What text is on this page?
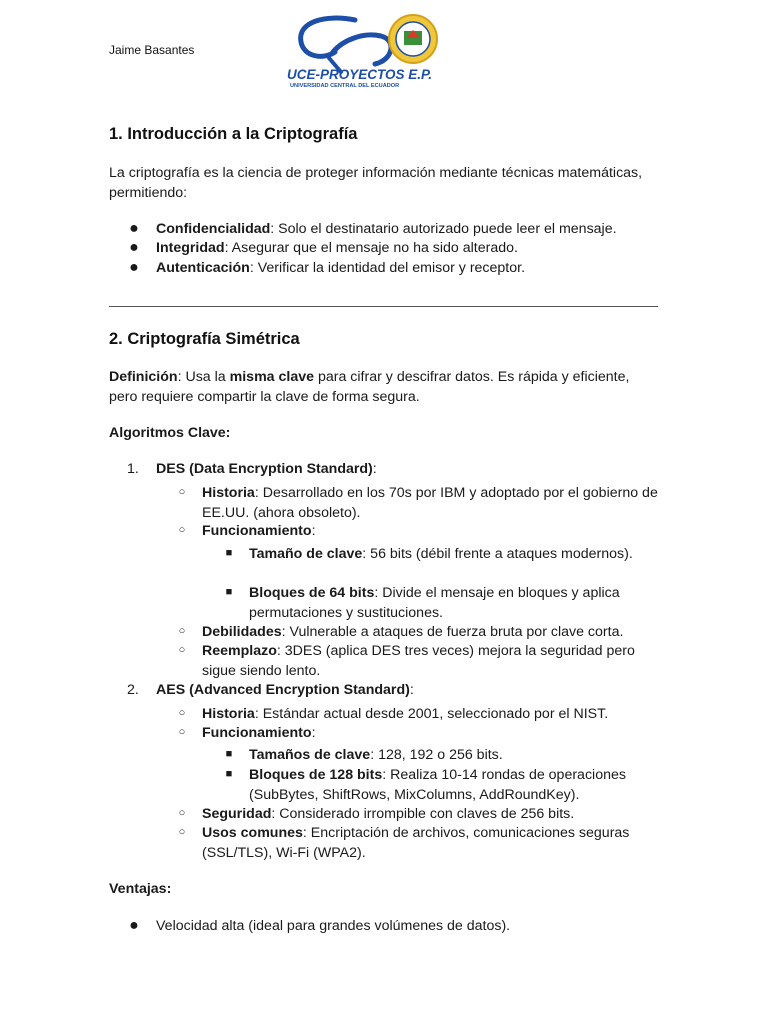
Jaime Basantes
UCE-PROYECTOS E.P.
UNIVERSIDAD CENTRAL DEL ECUADOR
1. Introducción a la Criptografía

La criptografía es la ciencia de proteger información mediante técnicas matemáticas, permitiendo:

● Confidencialidad: Solo el destinatario autorizado puede leer el mensaje.
● Integridad: Asegurar que el mensaje no ha sido alterado.
● Autenticación: Verificar la identidad del emisor y receptor.
2. Criptografía Simétrica

Definición: Usa la misma clave para cifrar y descifrar datos. Es rápida y eficiente, pero requiere compartir la clave de forma segura.

Algoritmos Clave:

1.	DES (Data Encryption Standard):
○ Historia: Desarrollado en los 70s por IBM y adoptado por el gobierno de EE.UU. (ahora obsoleto).
○ Funcionamiento:
■ Tamaño de clave: 56 bits (débil frente a ataques modernos).
■ Bloques de 64 bits: Divide el mensaje en bloques y aplica permutaciones y sustituciones.
○ Debilidades: Vulnerable a ataques de fuerza bruta por clave corta.
○ Reemplazo: 3DES (aplica DES tres veces) mejora la seguridad pero sigue siendo lento.
2.	AES (Advanced Encryption Standard):
○ Historia: Estándar actual desde 2001, seleccionado por el NIST.
○ Funcionamiento:
■ Tamaños de clave: 128, 192 o 256 bits.
■ Bloques de 128 bits: Realiza 10-14 rondas de operaciones (SubBytes, ShiftRows, MixColumns, AddRoundKey).
○ Seguridad: Considerado irrompible con claves de 256 bits.
○ Usos comunes: Encriptación de archivos, comunicaciones seguras (SSL/TLS), Wi-Fi (WPA2).

Ventajas:

● Velocidad alta (ideal para grandes volúmenes de datos).
